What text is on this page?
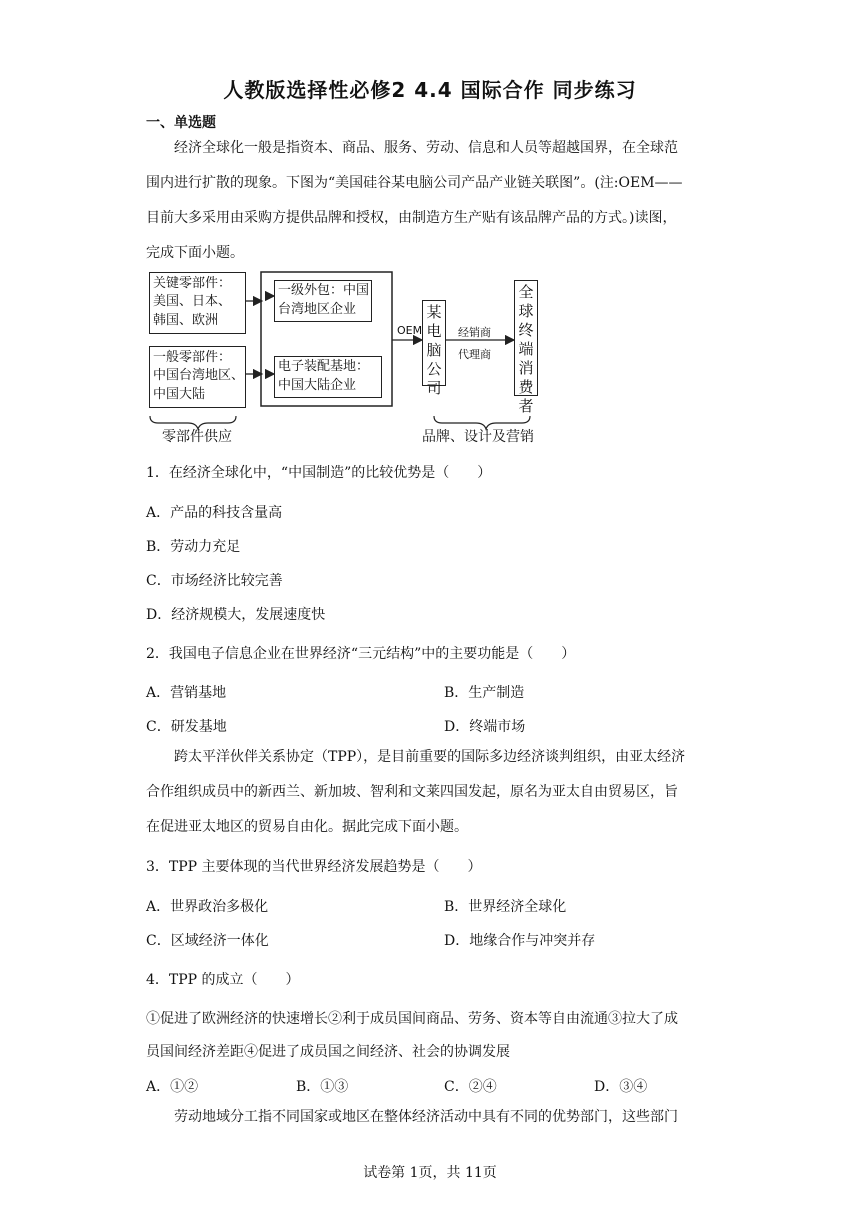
人教版选择性必修2 4.4 国际合作 同步练习
一、单选题
经济全球化一般是指资本、商品、服务、劳动、信息和人员等超越国界，在全球范
围内进行扩散的现象。下图为“美国硅谷某电脑公司产品产业链关联图”。(注:OEM——
目前大多采用由采购方提供品牌和授权，由制造方生产贴有该品牌产品的方式。)读图，
完成下面小题。
关键零部件：
美国、日本、
韩国、欧洲
一般零部件：
中国台湾地区、
中国大陆
一级外包：中国
台湾地区企业
电子装配基地：
中国大陆企业
OEM
某电脑公司
经销商
代理商
全球终端消费者
零部件供应	品牌、设计及营销
1．在经济全球化中，“中国制造”的比较优势是（　　）
A．产品的科技含量高
B．劳动力充足
C．市场经济比较完善
D．经济规模大，发展速度快
2．我国电子信息企业在世界经济“三元结构”中的主要功能是（　　）
A．营销基地	B．生产制造
C．研发基地	D．终端市场
跨太平洋伙伴关系协定（TPP），是目前重要的国际多边经济谈判组织，由亚太经济
合作组织成员中的新西兰、新加坡、智利和文莱四国发起，原名为亚太自由贸易区，旨
在促进亚太地区的贸易自由化。据此完成下面小题。
3．TPP 主要体现的当代世界经济发展趋势是（　　）
A．世界政治多极化	B．世界经济全球化
C．区域经济一体化	D．地缘合作与冲突并存
4．TPP 的成立（　　）
①促进了欧洲经济的快速增长②利于成员国间商品、劳务、资本等自由流通③拉大了成
员国间经济差距④促进了成员国之间经济、社会的协调发展
A．①②	B．①③	C．②④	D．③④
劳动地域分工指不同国家或地区在整体经济活动中具有不同的优势部门，这些部门
试卷第 1页，共 11页
